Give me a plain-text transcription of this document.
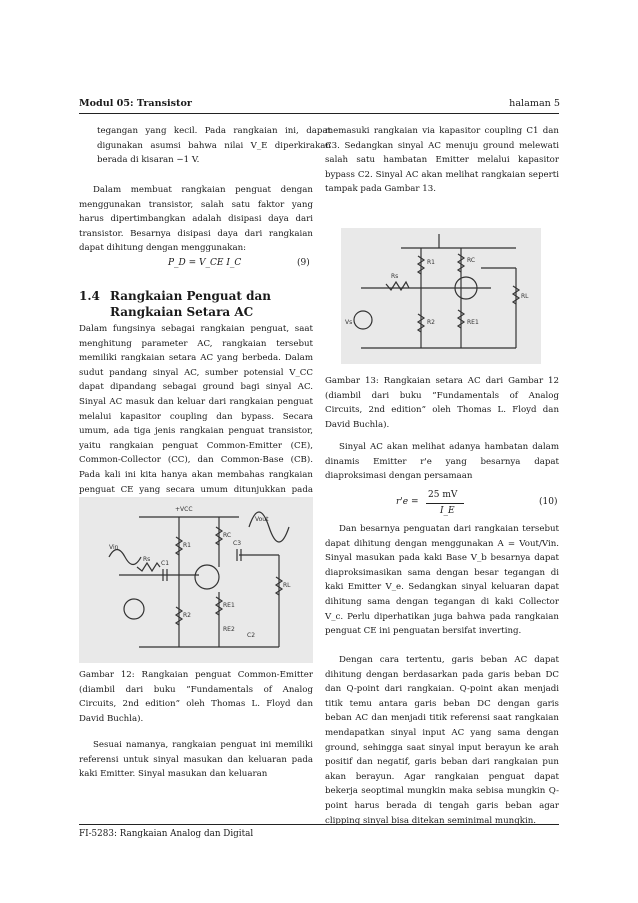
Modul 05: Transistor	halaman 5

tegangan yang kecil. Pada rangkaian ini, dapat digunakan asumsi bahwa nilai V_E diperkirakan berada di kisaran −1 V.

Dalam membuat rangkaian penguat dengan menggunakan transistor, salah satu faktor yang harus dipertimbangkan adalah disipasi daya dari transistor. Besarnya disipasi daya dari rangkaian dapat dihitung dengan menggunakan:

P_D = V_CE I_C	(9)
1.4 Rangkaian Penguat dan Rangkaian Setara AC

Dalam fungsinya sebagai rangkaian penguat, saat menghitung parameter AC, rangkaian tersebut memiliki rangkaian setara AC yang berbeda. Dalam sudut pandang sinyal AC, sumber potensial V_CC dapat dipandang sebagai ground bagi sinyal AC. Sinyal AC masuk dan keluar dari rangkaian penguat melalui kapasitor coupling dan bypass. Secara umum, ada tiga jenis rangkaian penguat transistor, yaitu rangkaian penguat Common-Emitter (CE), Common-Collector (CC), dan Common-Base (CB). Pada kali ini kita hanya akan membahas rangkaian penguat CE yang secara umum ditunjukkan pada

+VCC
Vout
Vin	R1
RC
C3
Rs
C1
RL
RE1
R2
RE2
C2

Gambar 12: Rangkaian penguat Common-Emitter (diambil dari buku ”Fundamentals of Analog Circuits, 2nd edition” oleh Thomas L. Floyd dan David Buchla).

Sesuai namanya, rangkaian penguat ini memiliki referensi untuk sinyal masukan dan keluaran pada kaki Emitter. Sinyal masukan dan keluaran

memasuki rangkaian via kapasitor coupling C1 dan C3. Sedangkan sinyal AC menuju ground melewati salah satu hambatan Emitter melalui kapasitor bypass C2. Sinyal AC akan melihat rangkaian seperti tampak pada Gambar 13.

RC
R1
Rs
RL
R2	RE1
Vs

Gambar 13: Rangkaian setara AC dari Gambar 12 (diambil dari buku ”Fundamentals of Analog Circuits, 2nd edition” oleh Thomas L. Floyd dan David Buchla).

Sinyal AC akan melihat adanya hambatan dalam dinamis Emitter r'e yang besarnya dapat diaproksimasi dengan persamaan

r'e =
25 mV
I_E
(10)

Dan besarnya penguatan dari rangkaian tersebut dapat dihitung dengan menggunakan A = Vout/Vin. Sinyal masukan pada kaki Base V_b besarnya dapat diaproksimasikan sama dengan besar tegangan di kaki Emitter V_e. Sedangkan sinyal keluaran dapat dihitung sama dengan tegangan di kaki Collector V_c. Perlu diperhatikan juga bahwa pada rangkaian penguat CE ini penguatan bersifat inverting.

Dengan cara tertentu, garis beban AC dapat dihitung dengan berdasarkan pada garis beban DC dan Q-point dari rangkaian. Q-point akan menjadi titik temu antara garis beban DC dengan garis beban AC dan menjadi titik referensi saat rangkaian mendapatkan sinyal input AC yang sama dengan ground, sehingga saat sinyal input berayun ke arah positif dan negatif, garis beban dari rangkaian pun akan berayun. Agar rangkaian penguat dapat bekerja seoptimal mungkin maka sebisa mungkin Q-point harus berada di tengah garis beban agar clipping sinyal bisa ditekan seminimal mungkin.

FI-5283: Rangkaian Analog dan Digital
